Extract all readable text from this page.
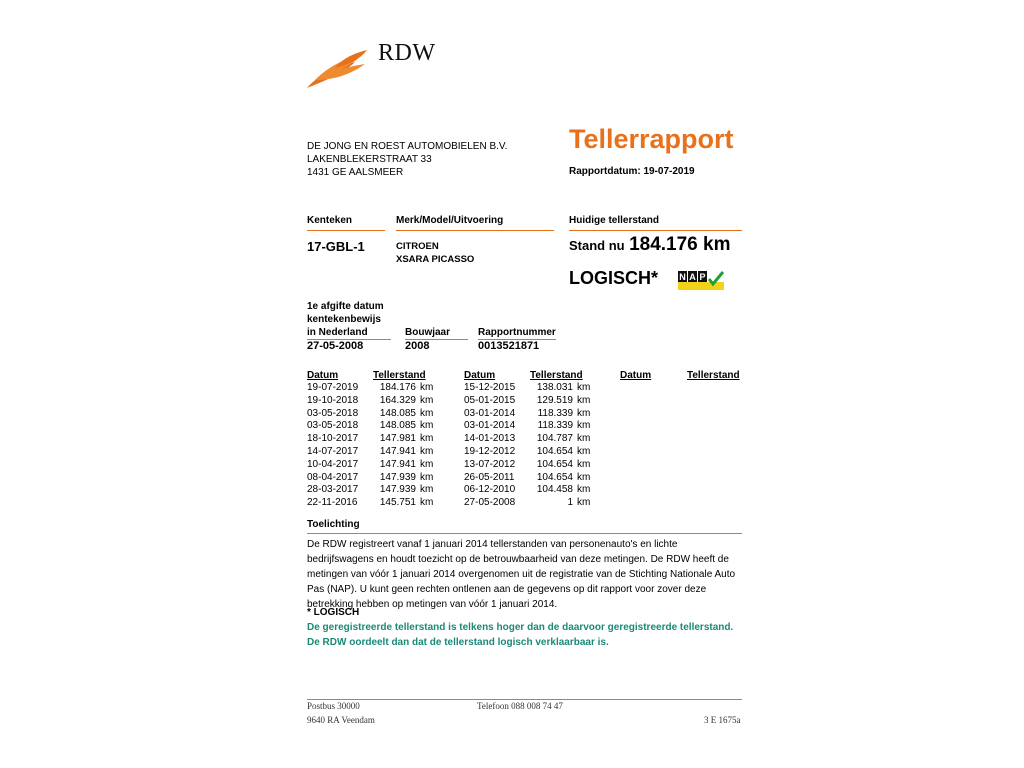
RDW
DE JONG EN ROEST AUTOMOBIELEN B.V.
LAKENBLEKERSTRAAT 33
1431 GE AALSMEER
Tellerrapport
Rapportdatum: 19-07-2019
Kenteken	Merk/Model/Uitvoering	Huidige tellerstand
17-GBL-1	CITROEN
XSARA PICASSO
Stand nu 184.176 km
LOGISCH* N A P
1e afgifte datum
kentekenbewijs
in Nederland	Bouwjaar	Rapportnummer
27-05-2008	2008	0013521871
Datum	Tellerstand	Datum	Tellerstand	Datum	Tellerstand
19-07-2019	184.176 km
19-10-2018	164.329 km
03-05-2018	148.085 km
03-05-2018	148.085 km
18-10-2017	147.981 km
14-07-2017	147.941 km
10-04-2017	147.941 km
08-04-2017	147.939 km
28-03-2017	147.939 km
22-11-2016	145.751 km
15-12-2015	138.031 km
05-01-2015	129.519 km
03-01-2014	118.339 km
03-01-2014	118.339 km
14-01-2013	104.787 km
19-12-2012	104.654 km
13-07-2012	104.654 km
26-05-2011	104.654 km
06-12-2010	104.458 km
27-05-2008	1 km
Toelichting
De RDW registreert vanaf 1 januari 2014 tellerstanden van personenauto's en lichte bedrijfswagens en houdt toezicht op de betrouwbaarheid van deze metingen. De RDW heeft de metingen van vóór 1 januari 2014 overgenomen uit de registratie van de Stichting Nationale Auto Pas (NAP). U kunt geen rechten ontlenen aan de gegevens op dit rapport voor zover deze betrekking hebben op metingen van vóór 1 januari 2014.
* LOGISCH
De geregistreerde tellerstand is telkens hoger dan de daarvoor geregistreerde tellerstand. De RDW oordeelt dan dat de tellerstand logisch verklaarbaar is.
Postbus 30000
9640 RA Veendam
Telefoon 088 008 74 47
3 E 1675a
